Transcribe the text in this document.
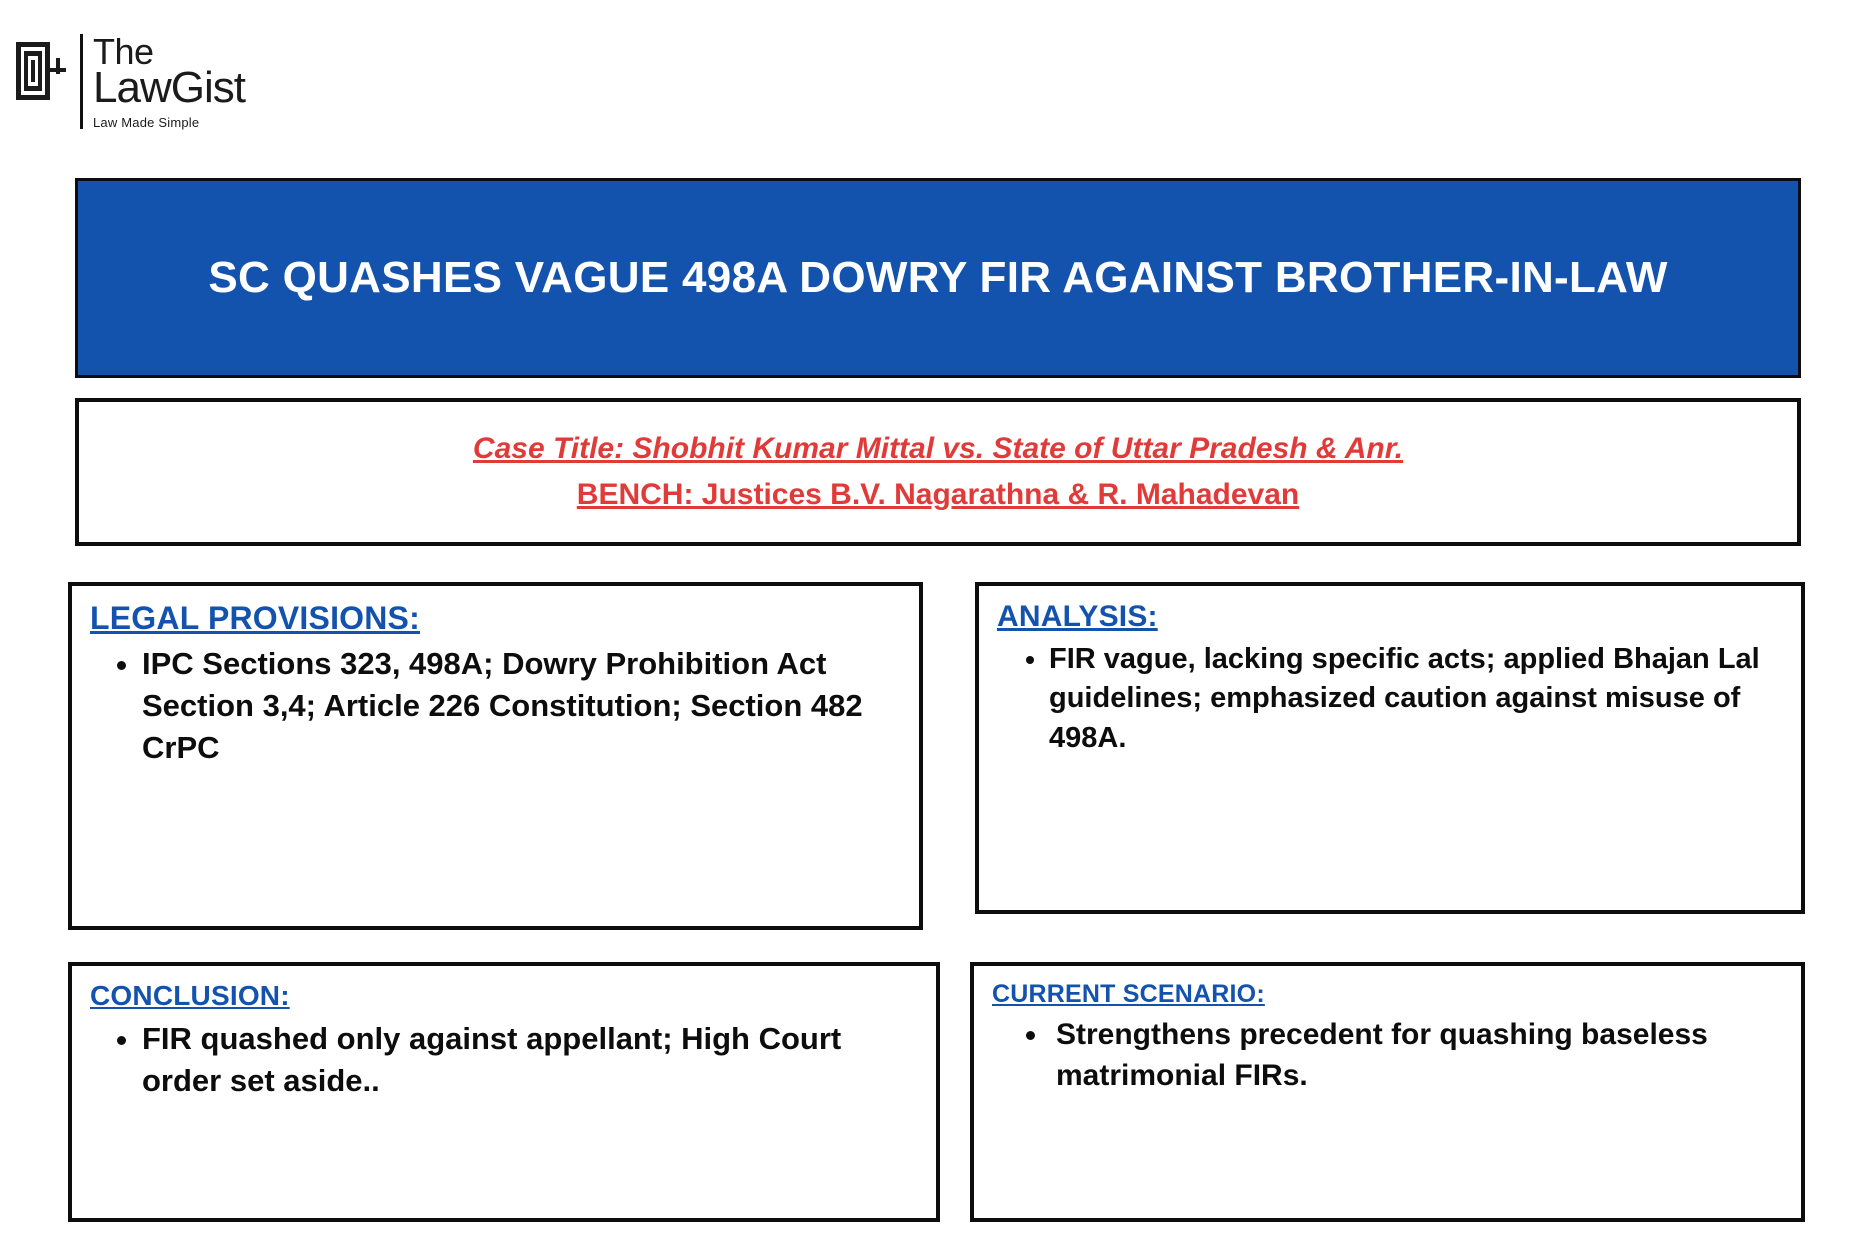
The
LawGist
Law Made Simple
SC QUASHES VAGUE 498A DOWRY FIR AGAINST BROTHER-IN-LAW
Case Title: Shobhit Kumar Mittal vs. State of Uttar Pradesh & Anr.
BENCH: Justices B.V. Nagarathna & R. Mahadevan
LEGAL PROVISIONS:
• IPC Sections 323, 498A; Dowry Prohibition Act Section 3,4; Article 226 Constitution; Section 482 CrPC
ANALYSIS:
• FIR vague, lacking specific acts; applied Bhajan Lal guidelines; emphasized caution against misuse of 498A.
CONCLUSION:
• FIR quashed only against appellant; High Court order set aside..
CURRENT SCENARIO:
• Strengthens precedent for quashing baseless matrimonial FIRs.
